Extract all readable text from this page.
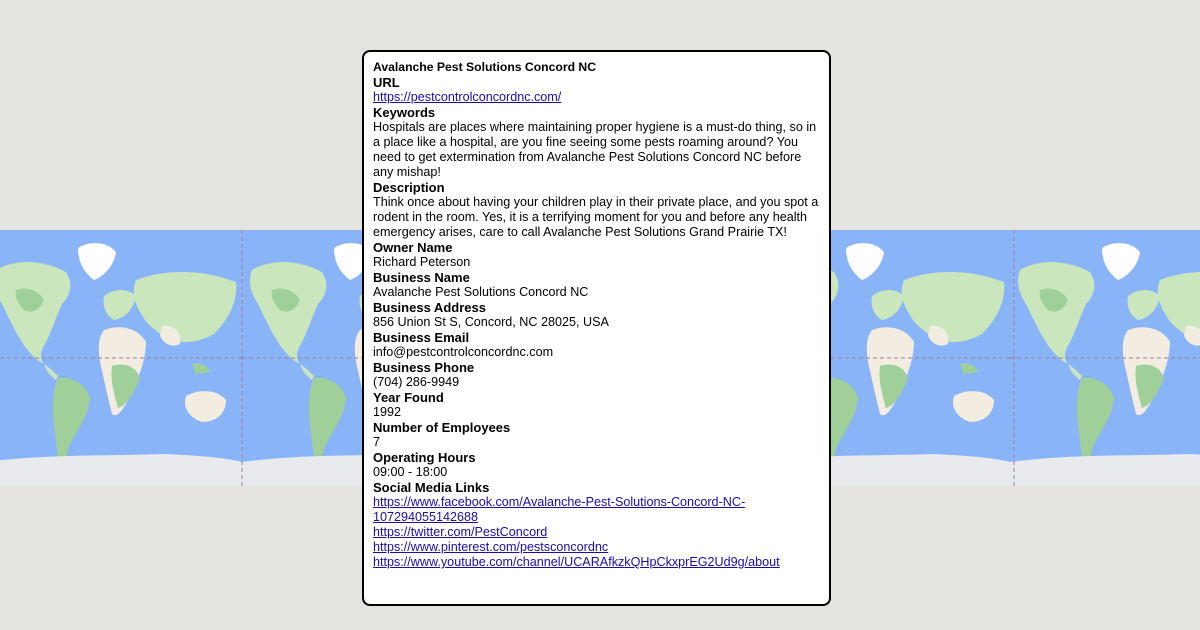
Avalanche Pest Solutions Concord NC
URL
https://pestcontrolconcordnc.com/
Keywords
Hospitals are places where maintaining proper hygiene is a must-do thing, so in a place like a hospital, are you fine seeing some pests roaming around? You need to get extermination from Avalanche Pest Solutions Concord NC before any mishap!
Description
Think once about having your children play in their private place, and you spot a rodent in the room. Yes, it is a terrifying moment for you and before any health emergency arises, care to call Avalanche Pest Solutions Grand Prairie TX!
Owner Name
Richard Peterson
Business Name
Avalanche Pest Solutions Concord NC
Business Address
856 Union St S, Concord, NC 28025, USA
Business Email
info@pestcontrolconcordnc.com
Business Phone
(704) 286-9949
Year Found
1992
Number of Employees
7
Operating Hours
09:00 - 18:00
Social Media Links
https://www.facebook.com/Avalanche-Pest-Solutions-Concord-NC-107294055142688
https://twitter.com/PestConcord
https://www.pinterest.com/pestsconcordnc
https://www.youtube.com/channel/UCARAfkzkQHpCkxprEG2Ud9g/about
